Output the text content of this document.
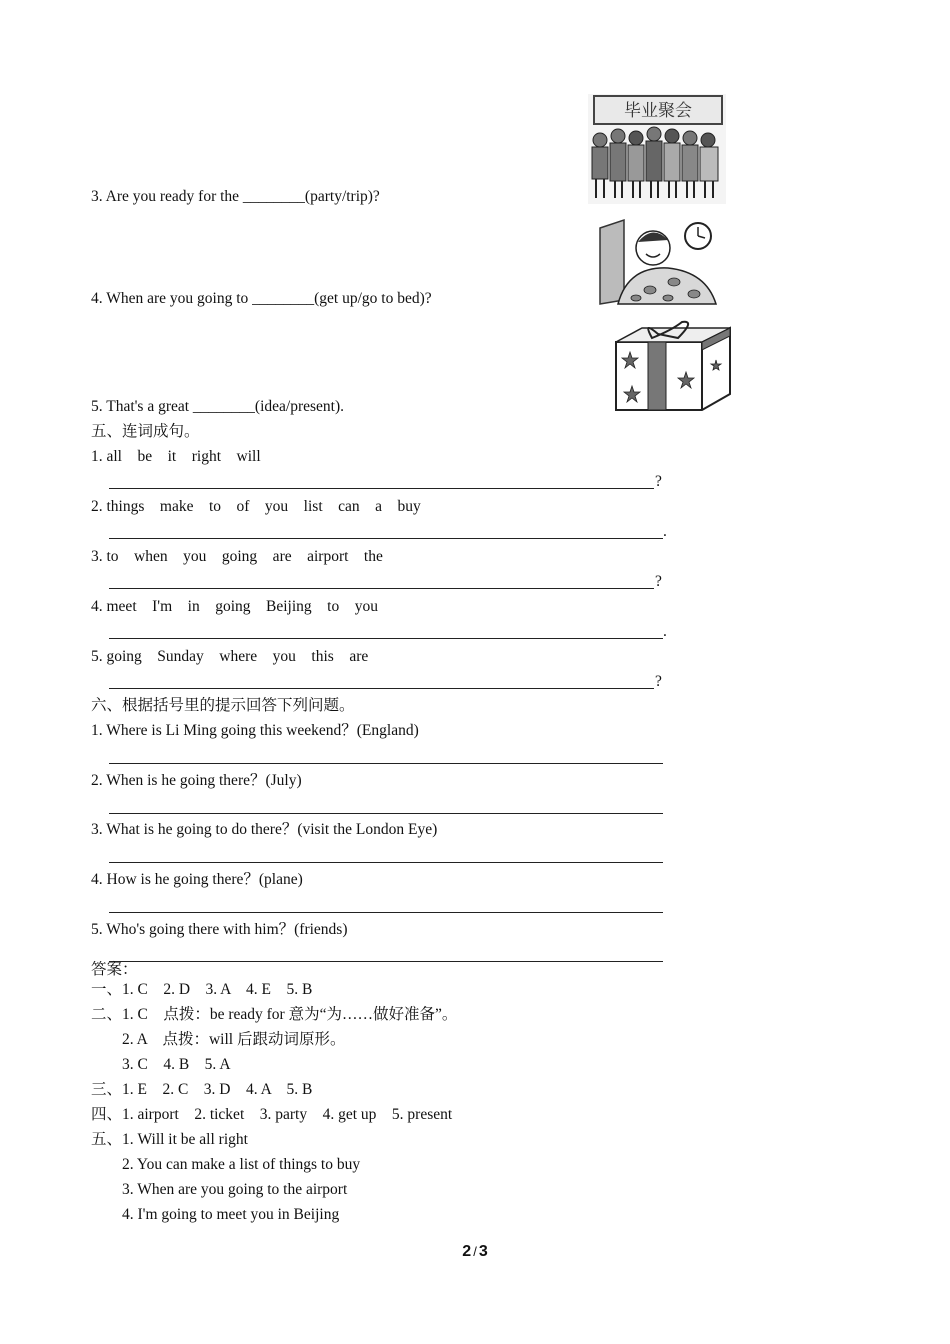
3. Are you ready for the ________(party/trip)?
4. When are you going to ________(get up/go to bed)?
5. That's a great ________(idea/present).
毕业聚会
五、连词成句。
1. all    be    it    right    will
?
2. things    make    to    of    you    list    can    a    buy
.
3. to    when    you    going    are    airport    the
?
4. meet    I'm    in    going    Beijing    to    you
.
5. going    Sunday    where    you    this    are
?
六、根据括号里的提示回答下列问题。
1. Where is Li Ming going this weekend？(England)
2. When is he going there？(July)
3. What is he going to do there？(visit the London Eye)
4. How is he going there？(plane)
5. Who's going there with him？(friends)
答案：
一、1. C    2. D    3. A    4. E    5. B
二、1. C    点拨：be ready for 意为“为……做好准备”。
2. A    点拨：will 后跟动词原形。
3. C    4. B    5. A
三、1. E    2. C    3. D    4. A    5. B
四、1. airport    2. ticket    3. party    4. get up    5. present
五、1. Will it be all right
2. You can make a list of things to buy
3. When are you going to the airport
4. I'm going to meet you in Beijing
2 / 3
